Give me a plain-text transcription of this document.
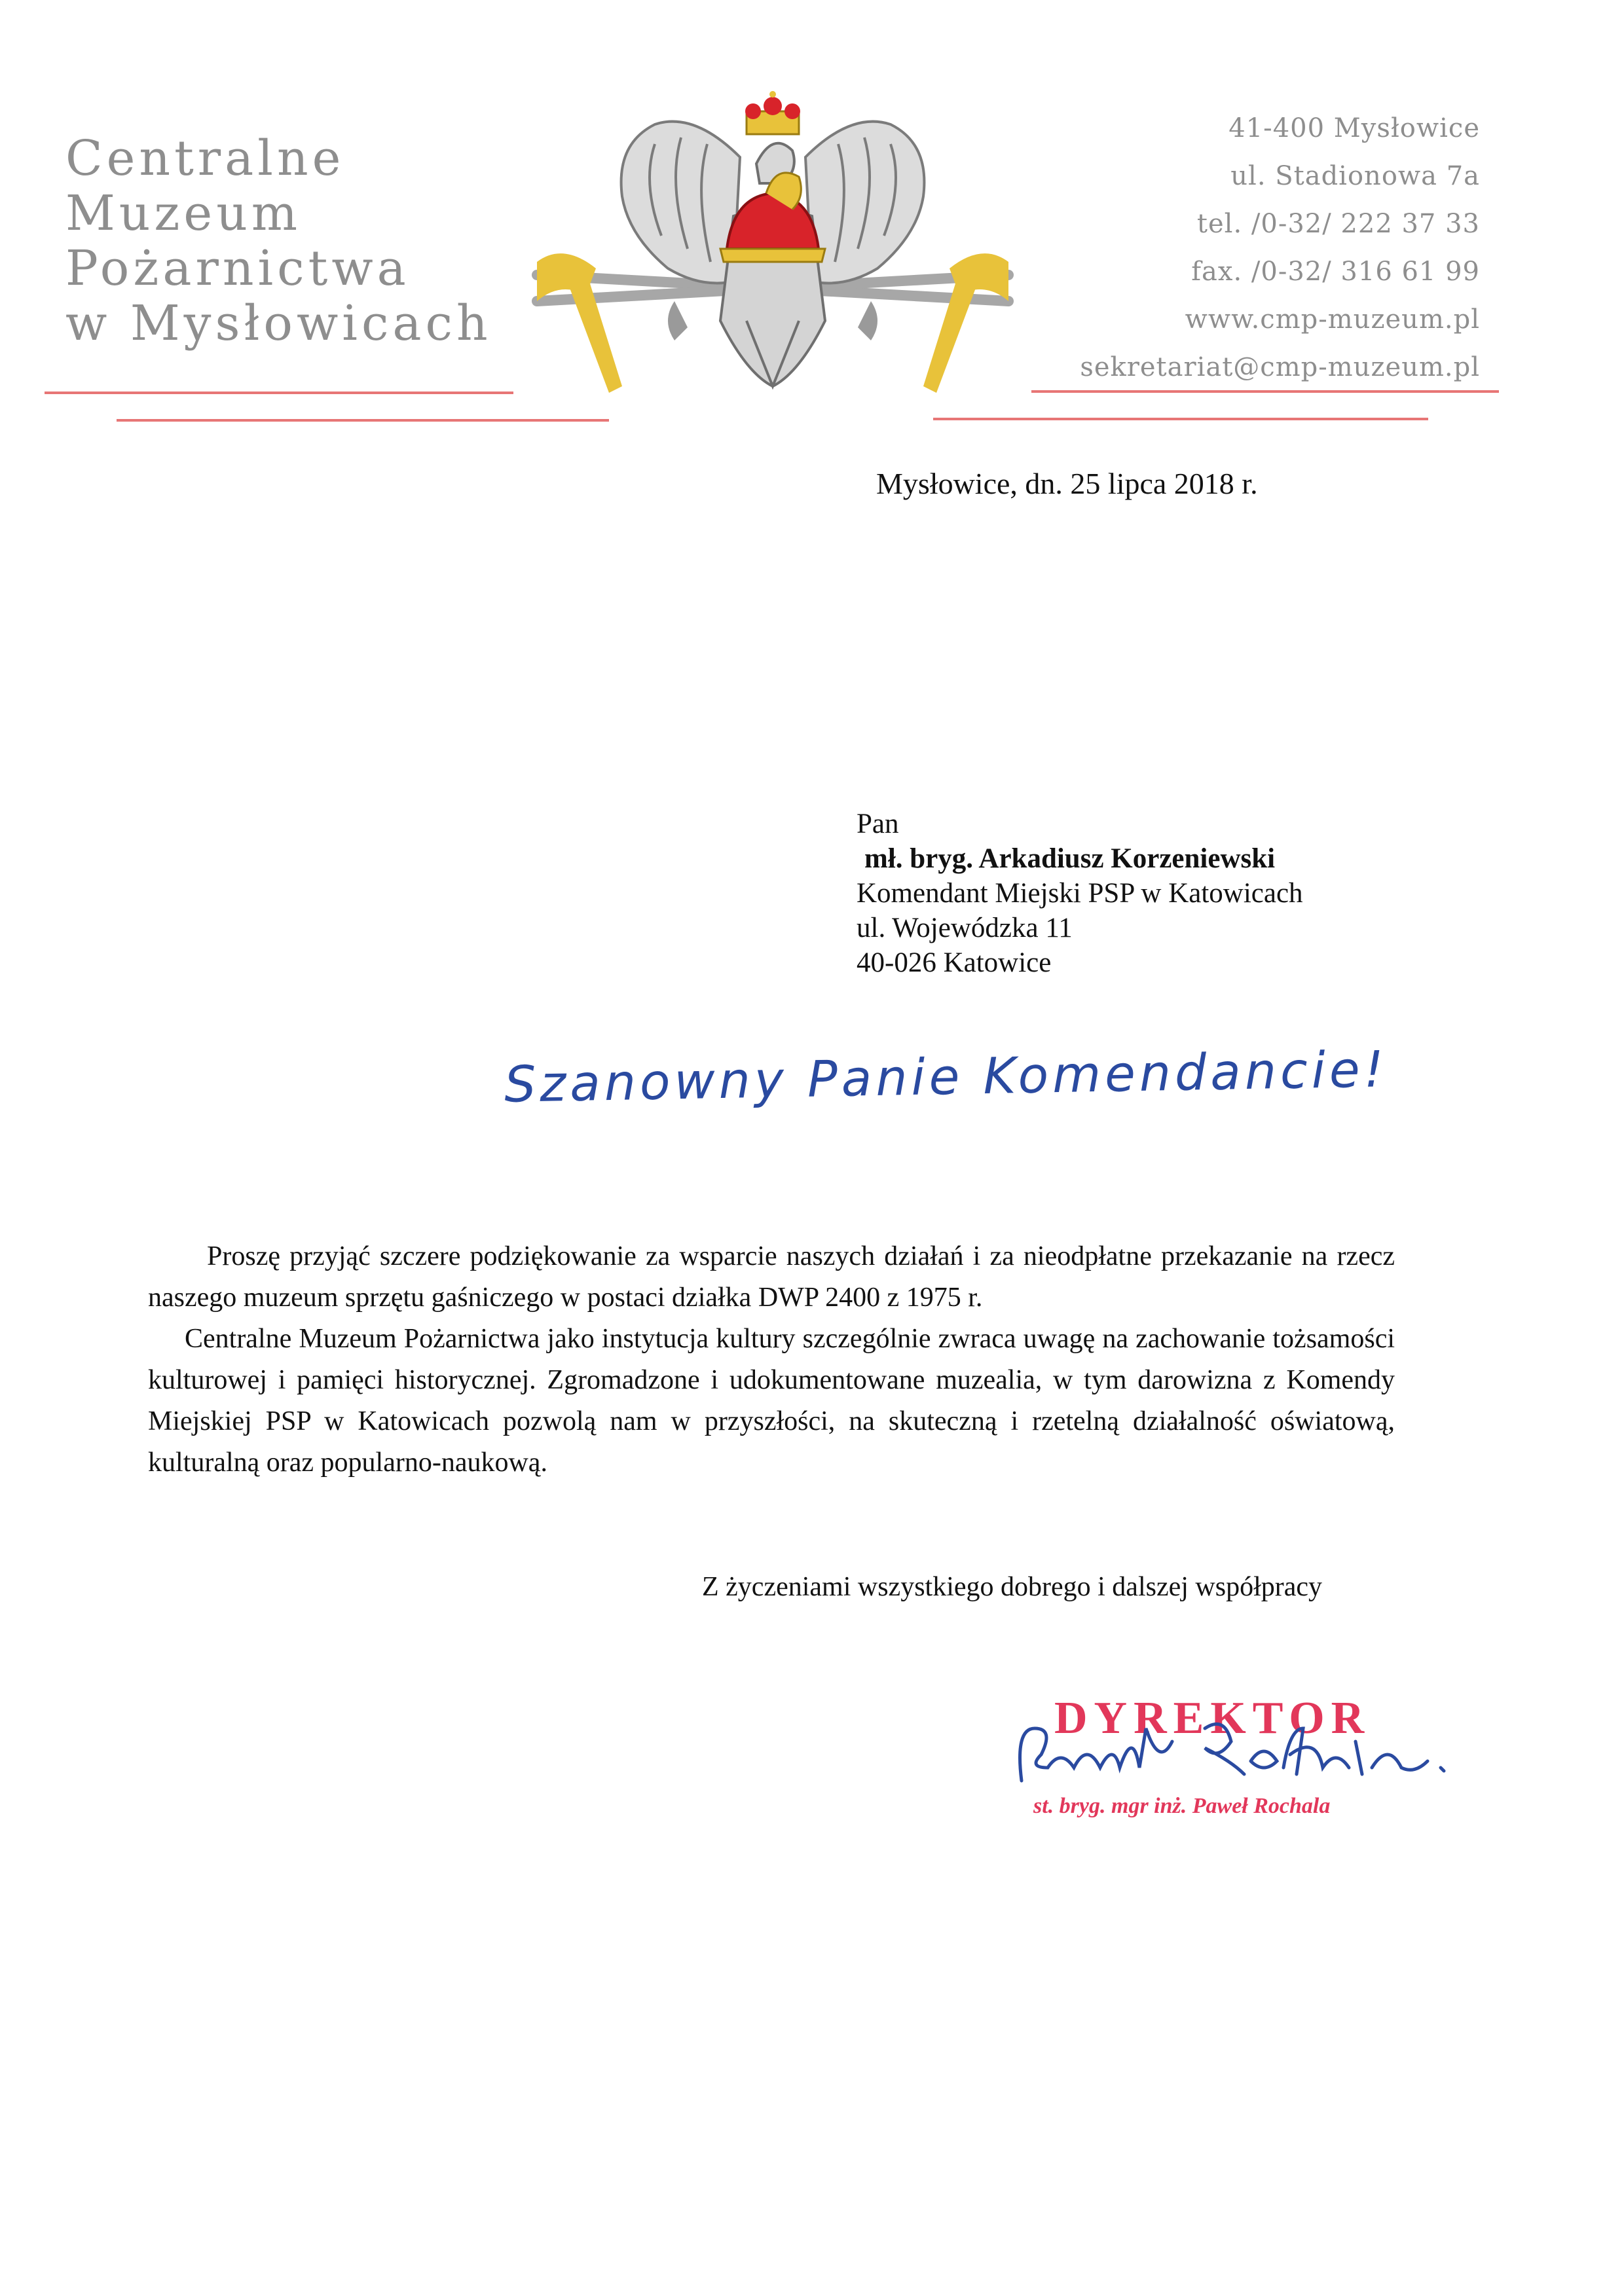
Centralne
Muzeum
Pożarnictwa
w Mysłowicach
41-400 Mysłowice
ul. Stadionowa 7a
tel. /0-32/ 222 37 33
fax. /0-32/ 316 61 99
www.cmp-muzeum.pl
sekretariat@cmp-muzeum.pl
Mysłowice, dn. 25 lipca 2018 r.
Pan
mł. bryg. Arkadiusz Korzeniewski
Komendant Miejski PSP w Katowicach
ul. Wojewódzka 11
40-026 Katowice
Szanowny Panie Komendancie!

Proszę przyjąć szczere podziękowanie za wsparcie naszych działań i za nieodpłatne przekazanie na rzecz naszego muzeum sprzętu gaśniczego w postaci działka DWP 2400 z 1975 r.

Centralne Muzeum Pożarnictwa jako instytucja kultury szczególnie zwraca uwagę na zachowanie tożsamości kulturowej i pamięci historycznej. Zgromadzone i udokumentowane muzealia, w tym darowizna z Komendy Miejskiej PSP w Katowicach pozwolą nam w przyszłości, na skuteczną i rzetelną działalność oświatową, kulturalną oraz popularno-naukową.

Z życzeniami wszystkiego dobrego i dalszej współpracy
DYREKTOR
st. bryg. mgr inż. Paweł Rochala
